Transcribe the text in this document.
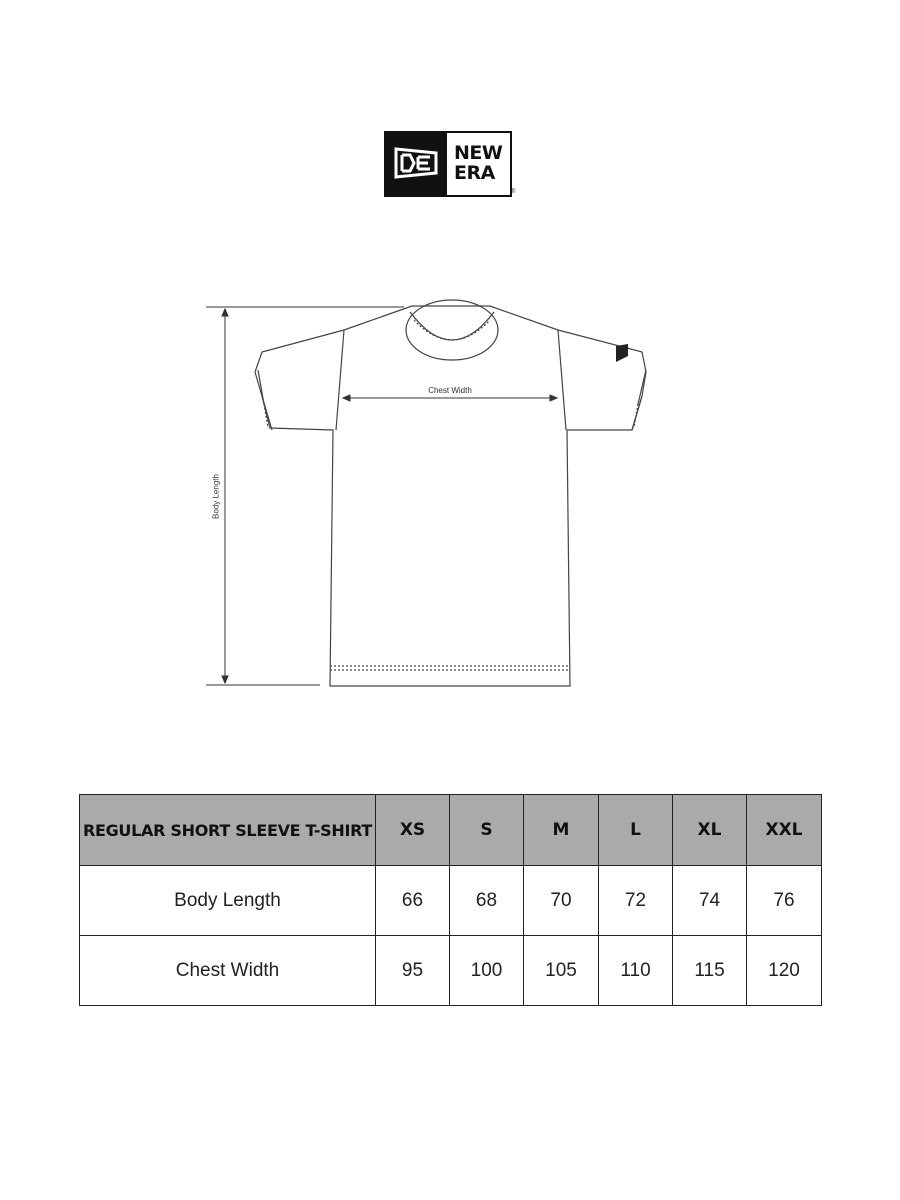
NEW
ERA
®
Chest Width
Body Length
REGULAR SHORT SLEEVE T-SHIRT	XS	S	M	L	XL	XXL
Body Length	66	68	70	72	74	76
Chest Width	95	100	105	110	115	120
